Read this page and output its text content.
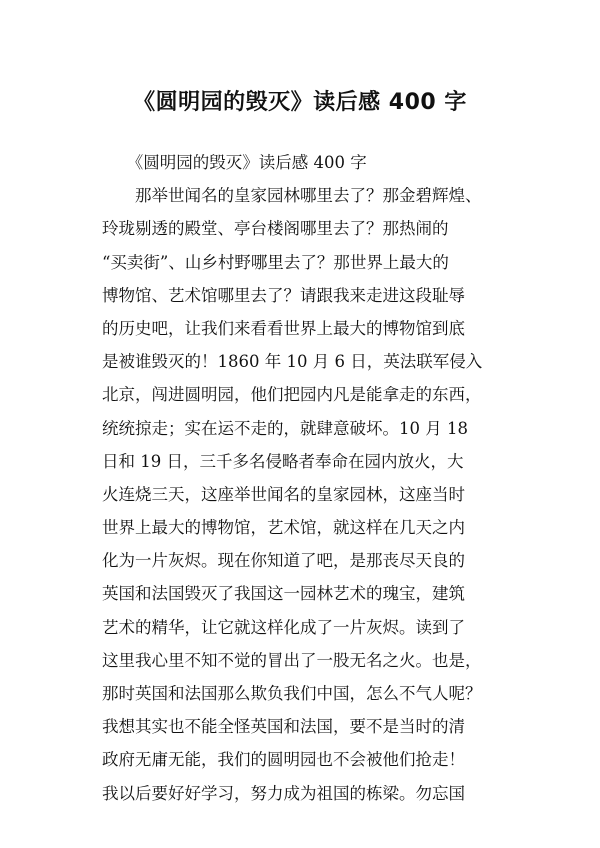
《圆明园的毁灭》读后感 400 字
　　《圆明园的毁灭》读后感 400 字
　　那举世闻名的皇家园林哪里去了？那金碧辉煌、
玲珑剔透的殿堂、亭台楼阁哪里去了？那热闹的
“买卖街”、山乡村野哪里去了？那世界上最大的
博物馆、艺术馆哪里去了？请跟我来走进这段耻辱
的历史吧，让我们来看看世界上最大的博物馆到底
是被谁毁灭的！1860 年 10 月 6 日，英法联军侵入
北京，闯进圆明园，他们把园内凡是能拿走的东西，
统统掠走；实在运不走的，就肆意破坏。10 月 18
日和 19 日，三千多名侵略者奉命在园内放火，大
火连烧三天，这座举世闻名的皇家园林，这座当时
世界上最大的博物馆，艺术馆，就这样在几天之内
化为一片灰烬。现在你知道了吧，是那丧尽天良的
英国和法国毁灭了我国这一园林艺术的瑰宝，建筑
艺术的精华，让它就这样化成了一片灰烬。读到了
这里我心里不知不觉的冒出了一股无名之火。也是，
那时英国和法国那么欺负我们中国，怎么不气人呢？
我想其实也不能全怪英国和法国，要不是当时的清
政府无庸无能，我们的圆明园也不会被他们抢走！
我以后要好好学习，努力成为祖国的栋梁。勿忘国
